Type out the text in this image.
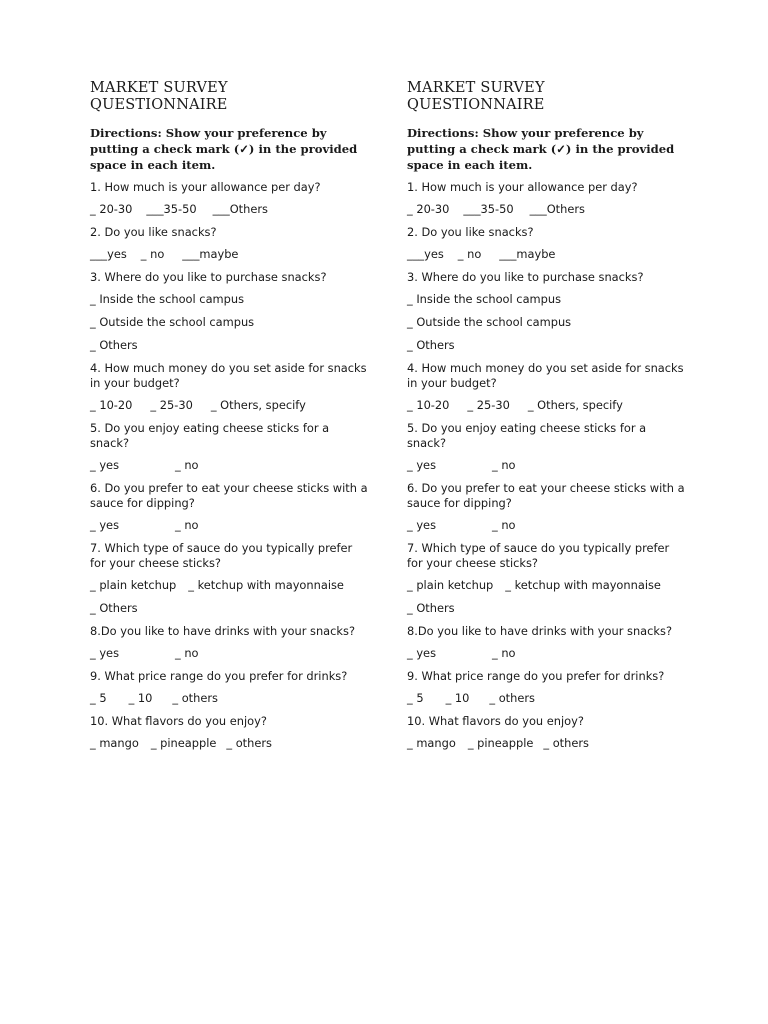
MARKET SURVEY
QUESTIONNAIRE
Directions: Show your preference by
putting a check mark (✓) in the provided
space in each item.
1. How much is your allowance per day?
_ 20-30 ___35-50 ___Others
2. Do you like snacks?
___yes _ no ___maybe
3. Where do you like to purchase snacks?
_ Inside the school campus
_ Outside the school campus
_ Others
4. How much money do you set aside for snacks
in your budget?
_ 10-20 _ 25-30 _ Others, specify
5. Do you enjoy eating cheese sticks for a
snack?
_ yes	_ no
6. Do you prefer to eat your cheese sticks with a
sauce for dipping?
_ yes	_ no
7. Which type of sauce do you typically prefer
for your cheese sticks?
_ plain ketchup _ ketchup with mayonnaise
_ Others
8.Do you like to have drinks with your snacks?
_ yes	_ no
9. What price range do you prefer for drinks?
_ 5 _ 10 _ others
10. What flavors do you enjoy?
_ mango _ pineapple _ others
MARKET SURVEY
QUESTIONNAIRE
Directions: Show your preference by
putting a check mark (✓) in the provided
space in each item.
1. How much is your allowance per day?
_ 20-30 ___35-50 ___Others
2. Do you like snacks?
___yes _ no ___maybe
3. Where do you like to purchase snacks?
_ Inside the school campus
_ Outside the school campus
_ Others
4. How much money do you set aside for snacks
in your budget?
_ 10-20 _ 25-30 _ Others, specify
5. Do you enjoy eating cheese sticks for a
snack?
_ yes	_ no
6. Do you prefer to eat your cheese sticks with a
sauce for dipping?
_ yes	_ no
7. Which type of sauce do you typically prefer
for your cheese sticks?
_ plain ketchup _ ketchup with mayonnaise
_ Others
8.Do you like to have drinks with your snacks?
_ yes	_ no
9. What price range do you prefer for drinks?
_ 5 _ 10 _ others
10. What flavors do you enjoy?
_ mango _ pineapple _ others
